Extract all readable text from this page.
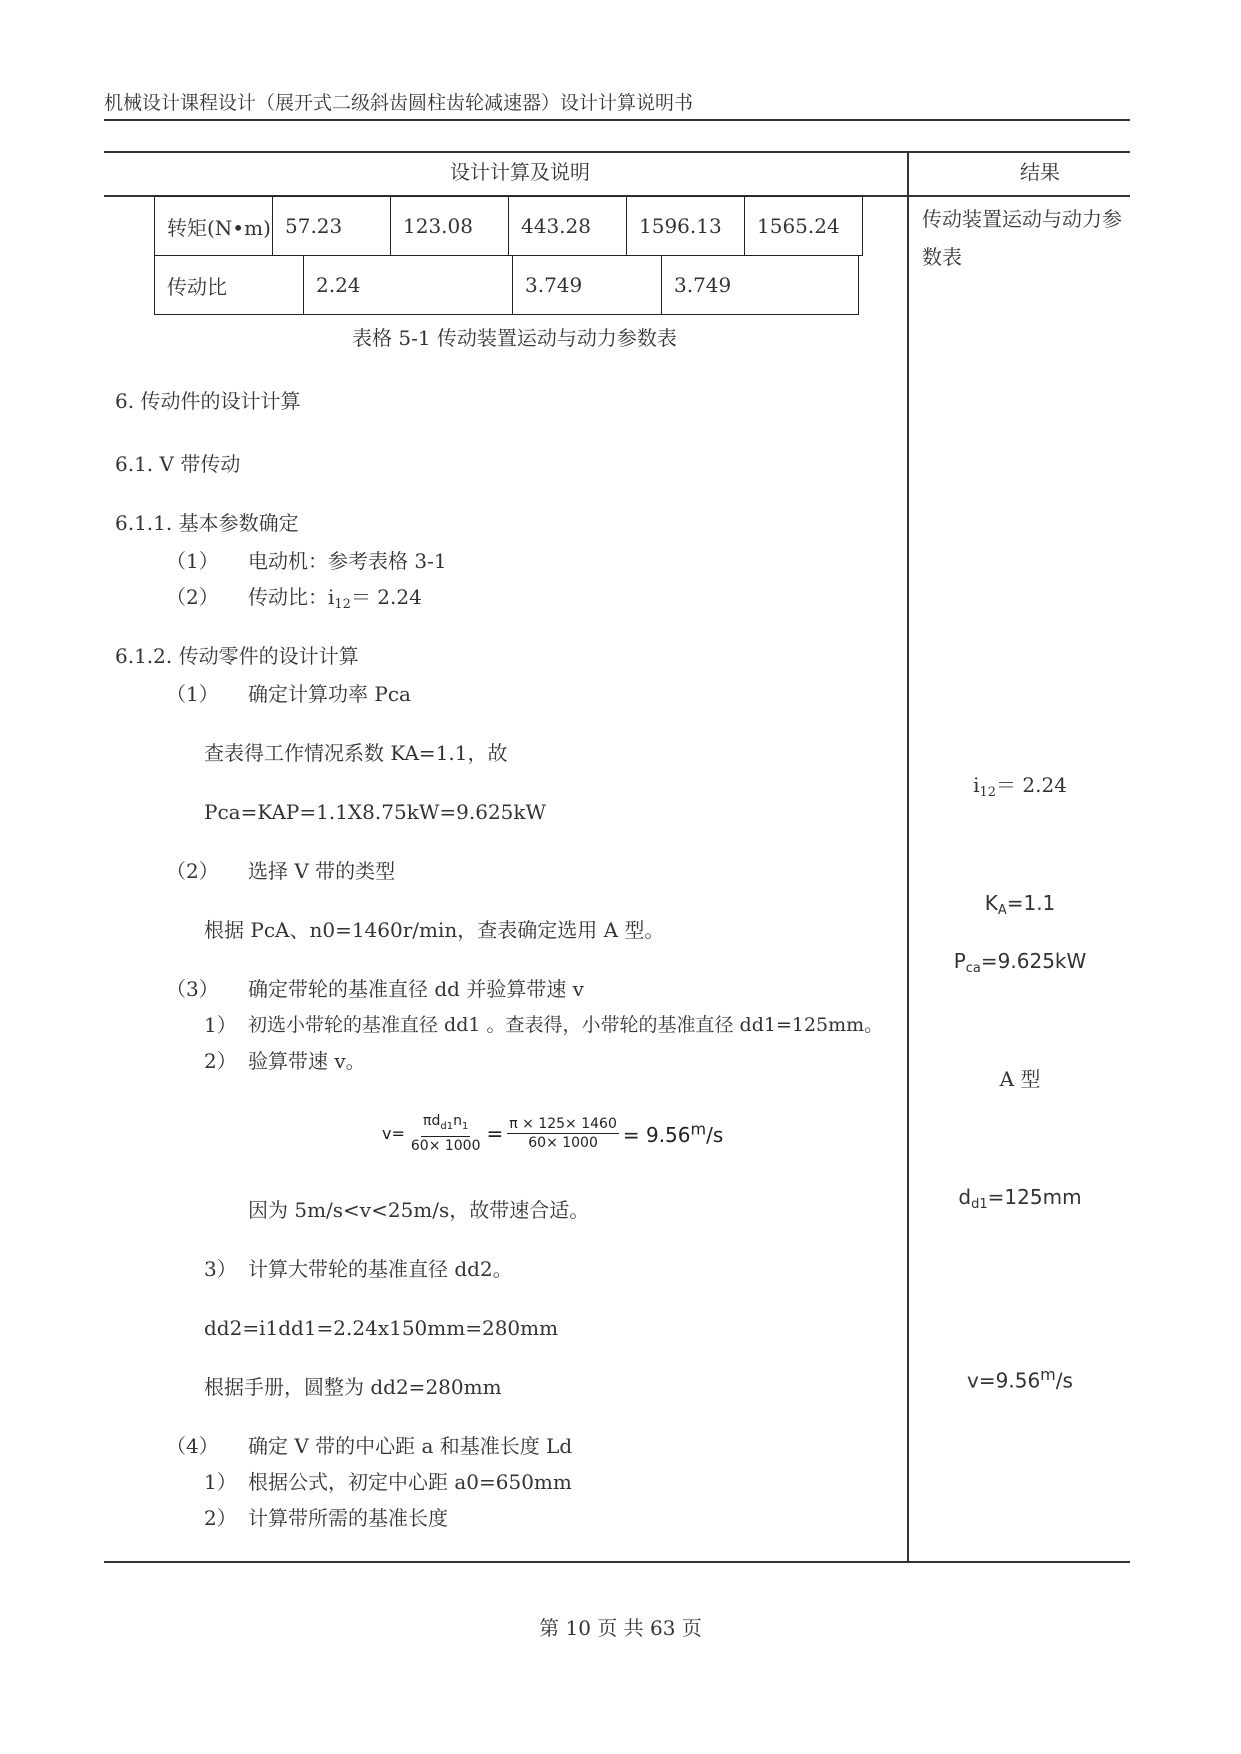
机械设计课程设计（展开式二级斜齿圆柱齿轮减速器）设计计算说明书
设计计算及说明	结果
转矩(N•m)	57.23	123.08	443.28	1596.13	1565.24
传动比	2.24	3.749	3.749
表格 5-1 传动装置运动与动力参数表
6. 传动件的设计计算
6.1. V 带传动
6.1.1. 基本参数确定
（1） 电动机：参考表格 3-1
（2） 传动比：$i_{12}= 2.24$
6.1.2. 传动零件的设计计算
（1） 确定计算功率 Pca
查表得工作情况系数 KA=1.1，故
Pca=KAP=1.1X8.75kW=9.625kW
（2） 选择 V 带的类型
根据 PcA、n0=1460r/min，查表确定选用 A 型。
（3） 确定带轮的基准直径 dd 并验算带速 v
1） 初选小带轮的基准直径 dd1 。查表得，小带轮的基准直径 dd1=125mm。
2） 验算带速 v。
$v= \frac{\pi d_{d1}n_1}{60\times 1000} = \frac{\pi \times 125\times 1460}{60\times 1000} = 9.56^m/s$
因为 5m/s<v<25m/s，故带速合适。
3） 计算大带轮的基准直径 dd2。
dd2=i1dd1=2.24x150mm=280mm
根据手册，圆整为 dd2=280mm
（4） 确定 V 带的中心距 a 和基准长度 Ld
1） 根据公式，初定中心距 a0=650mm
2） 计算带所需的基准长度
传动装置运动与动力参数表
$i_{12}= 2.24$
$K_A=1.1$
$P_{ca}=9.625kW$
A 型
$d_{d1}=125mm$
$v=9.56^m/s$
第 10 页 共 63 页
